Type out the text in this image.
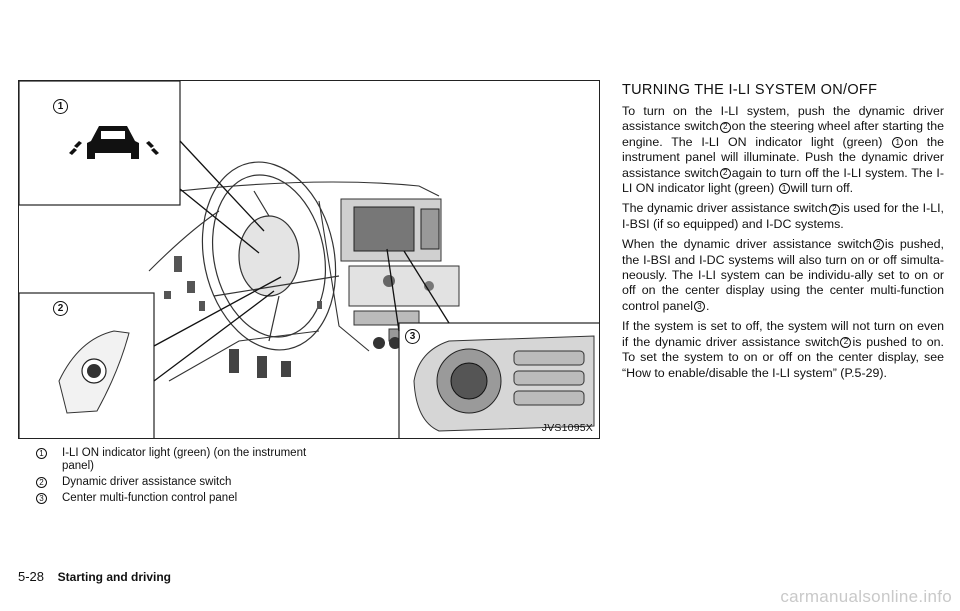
1
2
3
JVS1095X
1 I-LI ON indicator light (green) (on the instrument panel)
2 Dynamic driver assistance switch
3 Center multi-function control panel
TURNING THE I-LI SYSTEM ON/OFF

To turn on the I-LI system, push the dynamic driver assistance switch 2 on the steering wheel after starting the engine. The I-LI ON indicator light (green) 1 on the instrument panel will illuminate. Push the dynamic driver assistance switch 2 again to turn off the I-LI system. The I-LI ON indicator light (green) 1 will turn off.

The dynamic driver assistance switch 2 is used for the I-LI, I-BSI (if so equipped) and I-DC systems.

When the dynamic driver assistance switch 2 is pushed, the I-BSI and I-DC systems will also turn on or off simulta-neously. The I-LI system can be individu-ally set to on or off on the center display using the center multi-function control panel 3 .

If the system is set to off, the system will not turn on even if the dynamic driver assistance switch 2 is pushed to on. To set the system to on or off on the center display, see “How to enable/disable the I-LI system” (P.5-29).

5-28 Starting and driving
carmanualsonline.info
